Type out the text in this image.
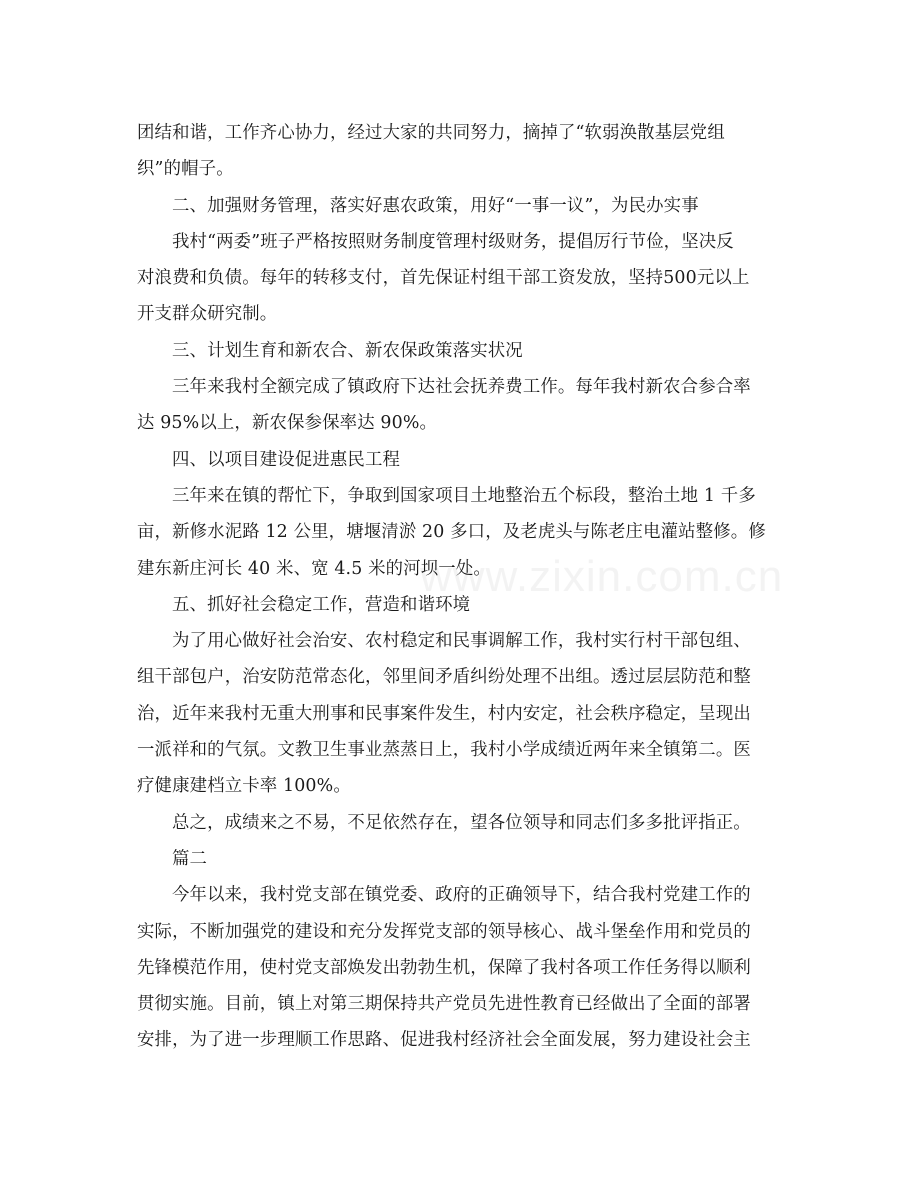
www.zixin.com.cn
团结和谐，工作齐心协力，经过大家的共同努力，摘掉了“软弱涣散基层党组
织”的帽子。
二、加强财务管理，落实好惠农政策，用好“一事一议”，为民办实事
我村“两委”班子严格按照财务制度管理村级财务，提倡厉行节俭，坚决反
对浪费和负债。每年的转移支付，首先保证村组干部工资发放，坚持500元以上
开支群众研究制。
三、计划生育和新农合、新农保政策落实状况
三年来我村全额完成了镇政府下达社会抚养费工作。每年我村新农合参合率
达 95%以上，新农保参保率达 90%。
四、以项目建设促进惠民工程
三年来在镇的帮忙下，争取到国家项目土地整治五个标段，整治土地 1 千多
亩，新修水泥路 12 公里，塘堰清淤 20 多口，及老虎头与陈老庄电灌站整修。修
建东新庄河长 40 米、宽 4.5 米的河坝一处。
五、抓好社会稳定工作，营造和谐环境
为了用心做好社会治安、农村稳定和民事调解工作，我村实行村干部包组、
组干部包户，治安防范常态化，邻里间矛盾纠纷处理不出组。透过层层防范和整
治，近年来我村无重大刑事和民事案件发生，村内安定，社会秩序稳定，呈现出
一派祥和的气氛。文教卫生事业蒸蒸日上，我村小学成绩近两年来全镇第二。医
疗健康建档立卡率 100%。
总之，成绩来之不易，不足依然存在，望各位领导和同志们多多批评指正。
篇二
今年以来，我村党支部在镇党委、政府的正确领导下，结合我村党建工作的
实际，不断加强党的建设和充分发挥党支部的领导核心、战斗堡垒作用和党员的
先锋模范作用，使村党支部焕发出勃勃生机，保障了我村各项工作任务得以顺利
贯彻实施。目前，镇上对第三期保持共产党员先进性教育已经做出了全面的部署
安排，为了进一步理顺工作思路、促进我村经济社会全面发展，努力建设社会主
